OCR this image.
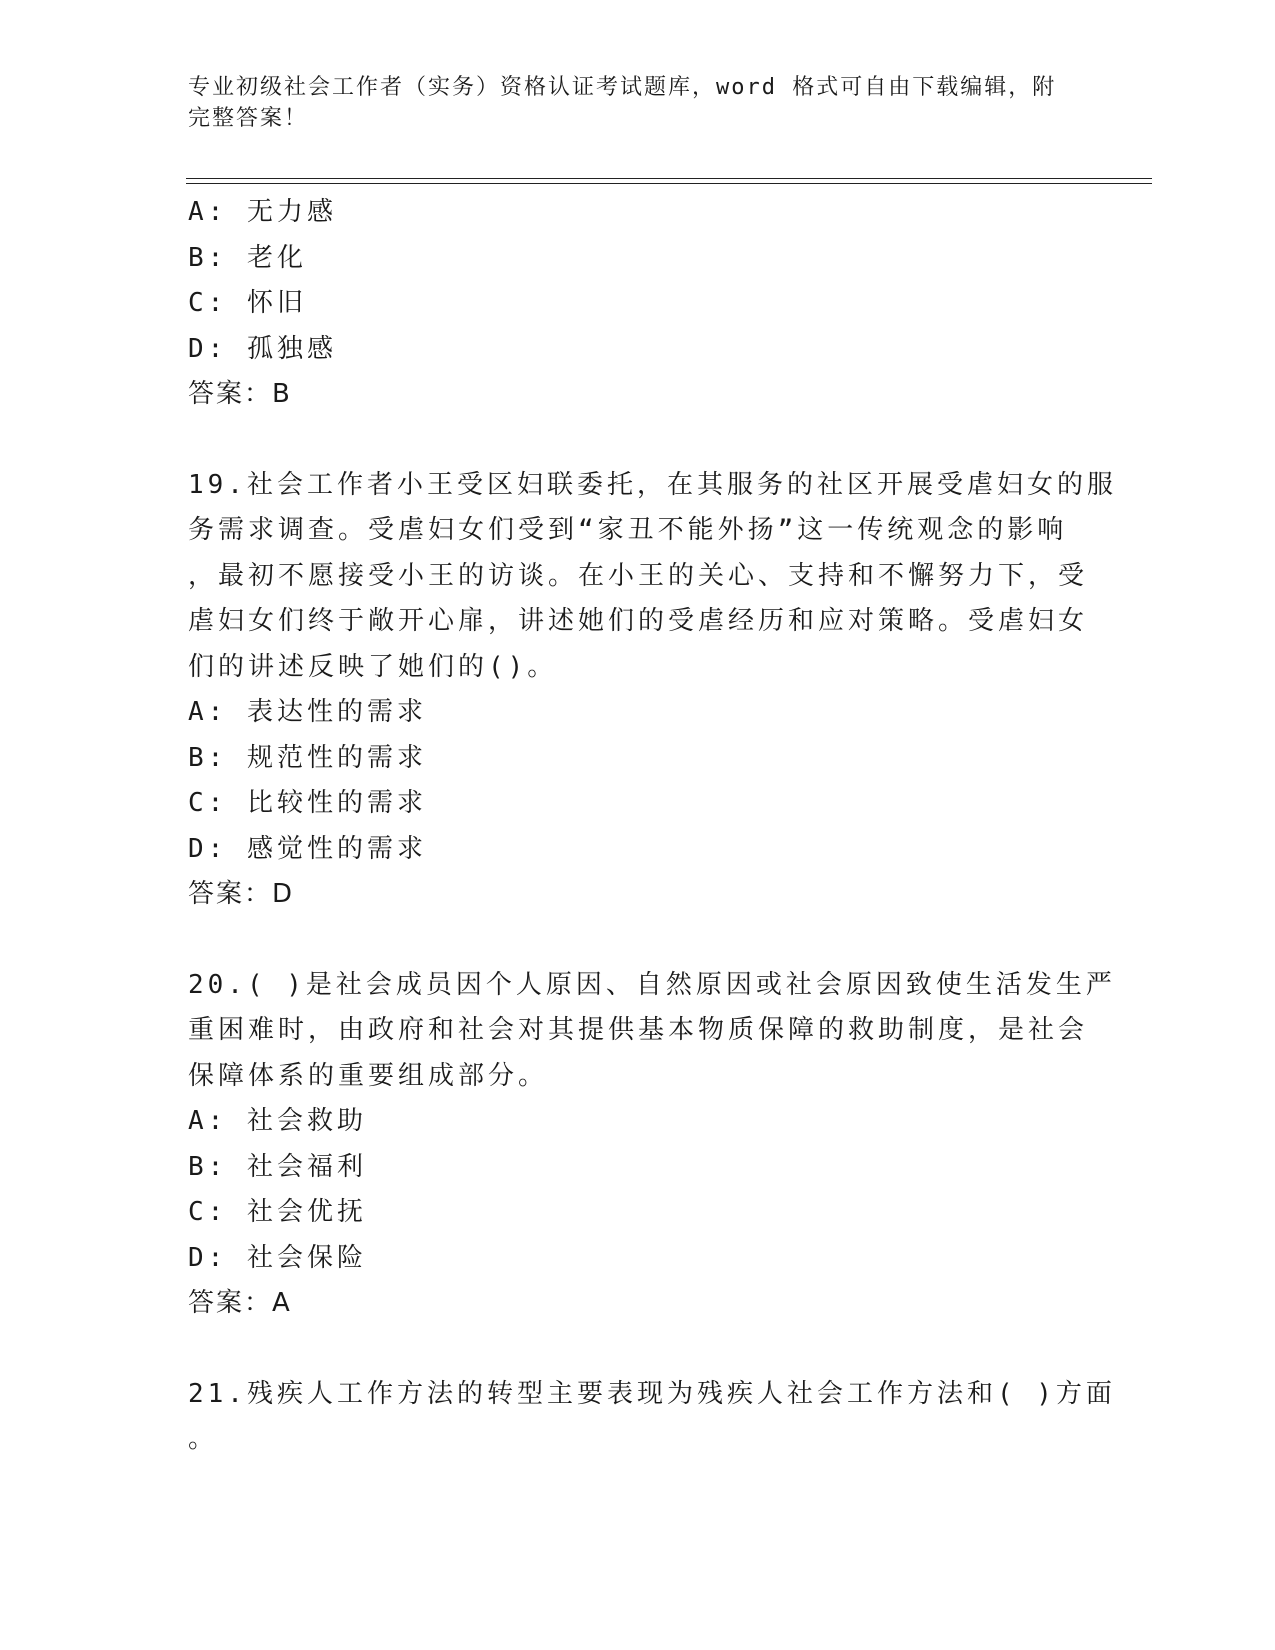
专业初级社会工作者（实务）资格认证考试题库，word 格式可自由下载编辑，附
完整答案！
A: 无力感
B: 老化
C: 怀旧
D: 孤独感
答案：B
19.社会工作者小王受区妇联委托，在其服务的社区开展受虐妇女的服
务需求调查。受虐妇女们受到“家丑不能外扬”这一传统观念的影响
，最初不愿接受小王的访谈。在小王的关心、支持和不懈努力下，受
虐妇女们终于敞开心扉，讲述她们的受虐经历和应对策略。受虐妇女
们的讲述反映了她们的()。
A: 表达性的需求
B: 规范性的需求
C: 比较性的需求
D: 感觉性的需求
答案：D
20.( )是社会成员因个人原因、自然原因或社会原因致使生活发生严
重困难时，由政府和社会对其提供基本物质保障的救助制度，是社会
保障体系的重要组成部分。
A: 社会救助
B: 社会福利
C: 社会优抚
D: 社会保险
答案：A
21.残疾人工作方法的转型主要表现为残疾人社会工作方法和( )方面
。
